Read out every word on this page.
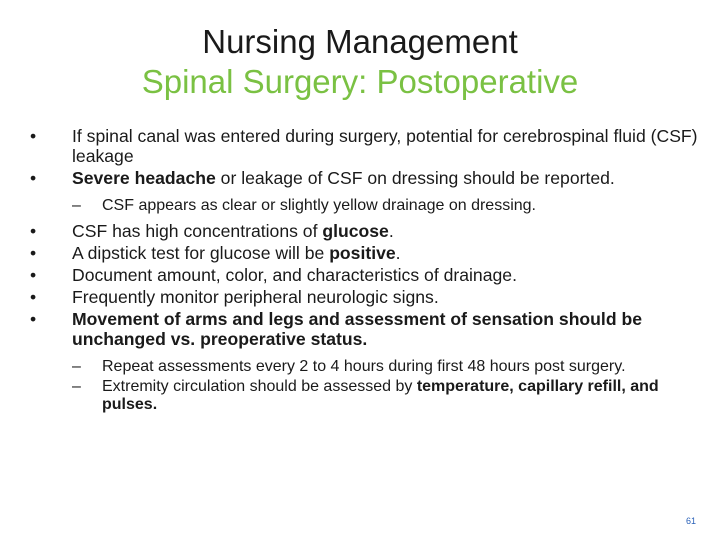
Nursing Management
Spinal Surgery: Postoperative
•	If spinal canal was entered during surgery, potential for cerebrospinal fluid (CSF) leakage
•	Severe headache or leakage of CSF on dressing should be reported.
– CSF appears as clear or slightly yellow drainage on dressing.
•	CSF has high concentrations of glucose.
•	A dipstick test for glucose will be positive.
•	Document amount, color, and characteristics of drainage.
•	Frequently monitor peripheral neurologic signs.
•	Movement of arms and legs and assessment of sensation should be unchanged vs. preoperative status.
– Repeat assessments every 2 to 4 hours during first 48 hours post surgery.
– Extremity circulation should be assessed by temperature, capillary refill, and pulses.
61
